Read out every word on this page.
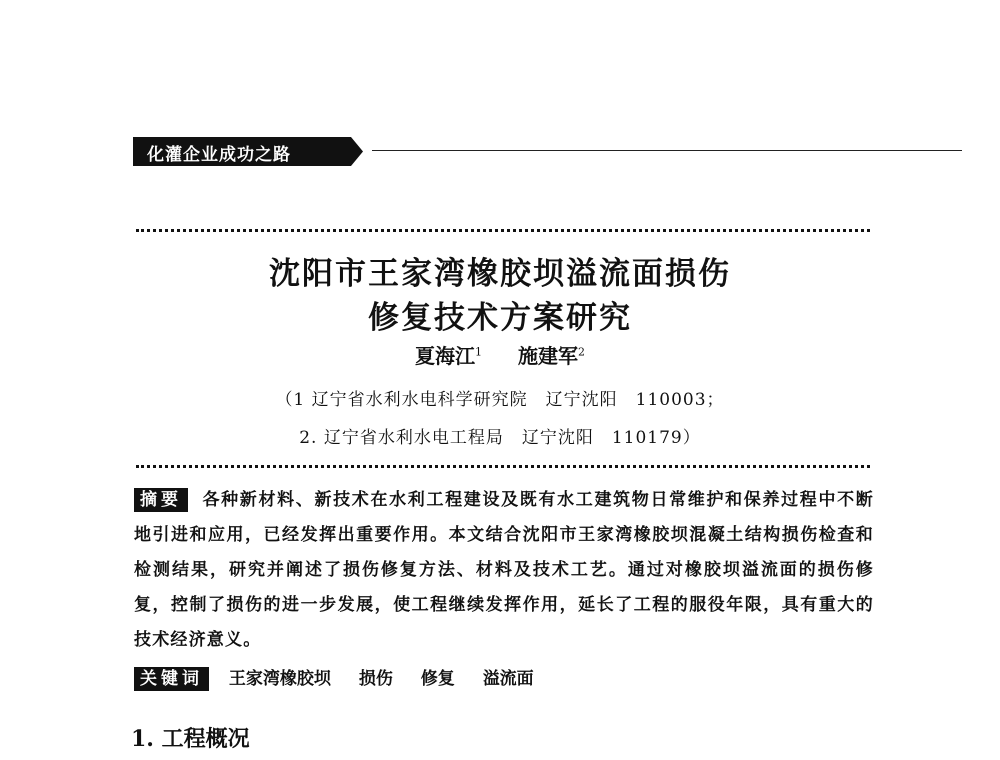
化灌企业成功之路
沈阳市王家湾橡胶坝溢流面损伤
修复技术方案研究
夏海江$^1$ 施建军$^2$
（1 辽宁省水利水电科学研究院　辽宁沈阳　110003；
2. 辽宁省水利水电工程局　辽宁沈阳　110179）
摘要 各种新材料、新技术在水利工程建设及既有水工建筑物日常维护和保养过程中不断地引进和应用，已经发挥出重要作用。本文结合沈阳市王家湾橡胶坝混凝土结构损伤检查和检测结果，研究并阐述了损伤修复方法、材料及技术工艺。通过对橡胶坝溢流面的损伤修复，控制了损伤的进一步发展，使工程继续发挥作用，延长了工程的服役年限，具有重大的技术经济意义。
关键词 王家湾橡胶坝 损伤 修复 溢流面
1. 工程概况
